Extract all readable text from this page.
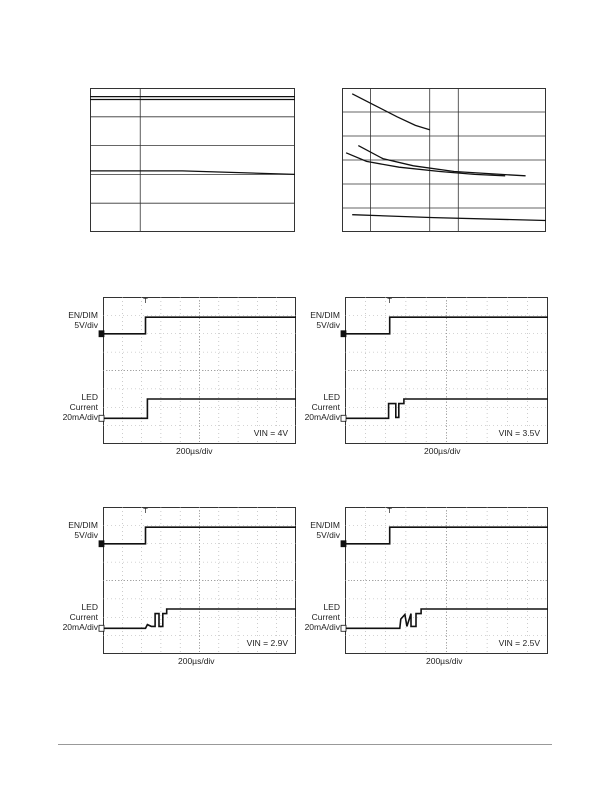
EN/DIM
5V/div
LED
Current
20mA/div
T
VIN = 4V
200µs/div
EN/DIM
5V/div
LED
Current
20mA/div
T
VIN = 3.5V
200µs/div
EN/DIM
5V/div
LED
Current
20mA/div
T
VIN = 2.9V
200µs/div
EN/DIM
5V/div
LED
Current
20mA/div
T
VIN = 2.5V
200µs/div
